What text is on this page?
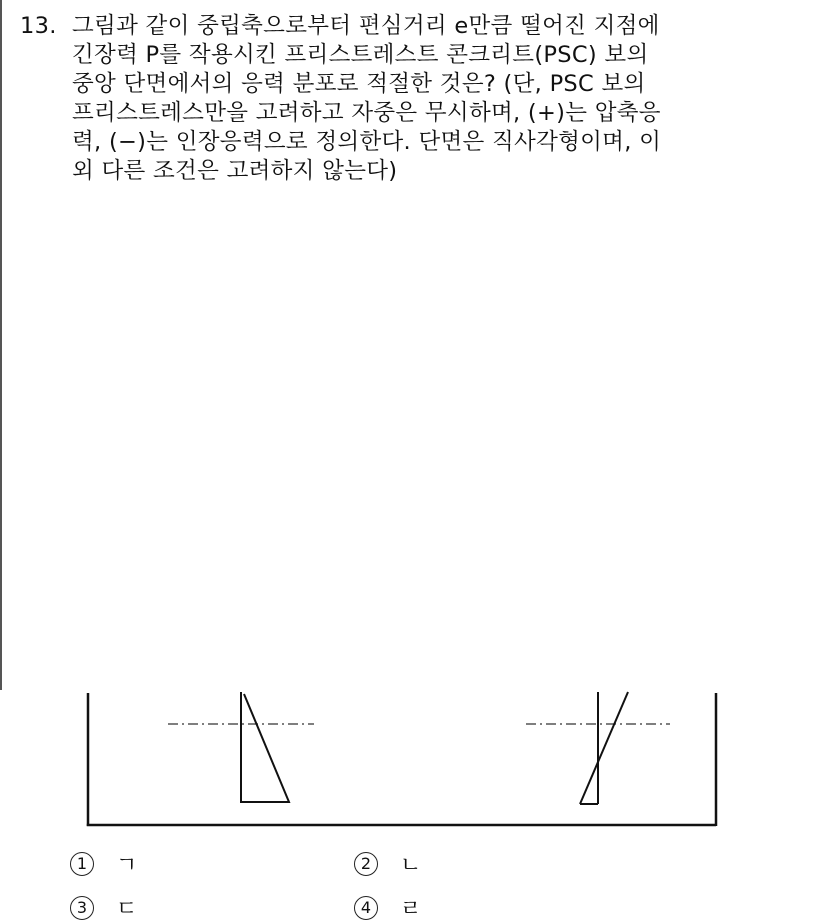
13. 그림과 같이 중립축으로부터 편심거리 e만큼 떨어진 지점에
긴장력 P를 작용시킨 프리스트레스트 콘크리트(PSC) 보의
중앙 단면에서의 응력 분포로 적절한 것은? (단, PSC 보의
프리스트레스만을 고려하고 자중은 무시하며, (+)는 압축응
력, (−)는 인장응력으로 정의한다. 단면은 직사각형이며, 이
외 다른 조건은 고려하지 않는다)
1	ㄱ	2	ㄴ
3	ㄷ	4	ㄹ
